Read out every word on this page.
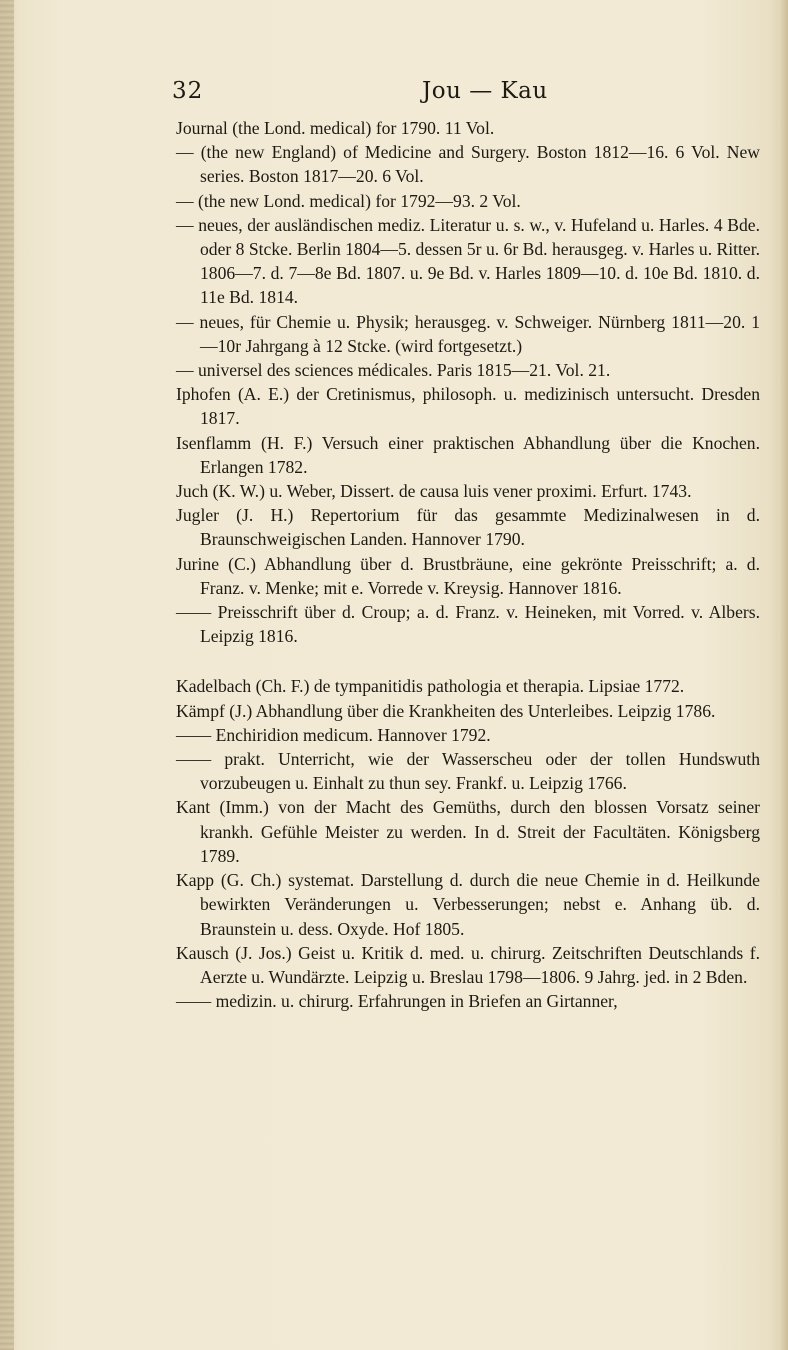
32	Jou — Kau

Journal (the Lond. medical) for 1790. 11 Vol.

— (the new England) of Medicine and Surgery. Boston 1812—16. 6 Vol. New series. Boston 1817—20. 6 Vol.

— (the new Lond. medical) for 1792—93. 2 Vol.

— neues, der ausländischen mediz. Literatur u. s. w., v. Hufeland u. Harles. 4 Bde. oder 8 Stcke. Berlin 1804—5. dessen 5r u. 6r Bd. herausgeg. v. Harles u. Ritter. 1806—7. d. 7—8e Bd. 1807. u. 9e Bd. v. Harles 1809—10. d. 10e Bd. 1810. d. 11e Bd. 1814.

— neues, für Chemie u. Physik; herausgeg. v. Schweiger. Nürnberg 1811—20. 1—10r Jahrgang à 12 Stcke. (wird fortgesetzt.)

— universel des sciences médicales. Paris 1815—21. Vol. 21.

Iphofen (A. E.) der Cretinismus, philosoph. u. medizinisch untersucht. Dresden 1817.

Isenflamm (H. F.) Versuch einer praktischen Abhandlung über die Knochen. Erlangen 1782.

Juch (K. W.) u. Weber, Dissert. de causa luis vener proximi. Erfurt. 1743.

Jugler (J. H.) Repertorium für das gesammte Medizinalwesen in d. Braunschweigischen Landen. Hannover 1790.

Jurine (C.) Abhandlung über d. Brustbräune, eine gekrönte Preisschrift; a. d. Franz. v. Menke; mit e. Vorrede v. Kreysig. Hannover 1816.

—— Preisschrift über d. Croup; a. d. Franz. v. Heineken, mit Vorred. v. Albers. Leipzig 1816.

Kadelbach (Ch. F.) de tympanitidis pathologia et therapia. Lipsiae 1772.

Kämpf (J.) Abhandlung über die Krankheiten des Unterleibes. Leipzig 1786.

—— Enchiridion medicum. Hannover 1792.

—— prakt. Unterricht, wie der Wasserscheu oder der tollen Hundswuth vorzubeugen u. Einhalt zu thun sey. Frankf. u. Leipzig 1766.

Kant (Imm.) von der Macht des Gemüths, durch den blossen Vorsatz seiner krankh. Gefühle Meister zu werden. In d. Streit der Facultäten. Königsberg 1789.

Kapp (G. Ch.) systemat. Darstellung d. durch die neue Chemie in d. Heilkunde bewirkten Veränderungen u. Verbesserungen; nebst e. Anhang üb. d. Braunstein u. dess. Oxyde. Hof 1805.

Kausch (J. Jos.) Geist u. Kritik d. med. u. chirurg. Zeitschriften Deutschlands f. Aerzte u. Wundärzte. Leipzig u. Breslau 1798—1806. 9 Jahrg. jed. in 2 Bden.

—— medizin. u. chirurg. Erfahrungen in Briefen an Girtanner,
